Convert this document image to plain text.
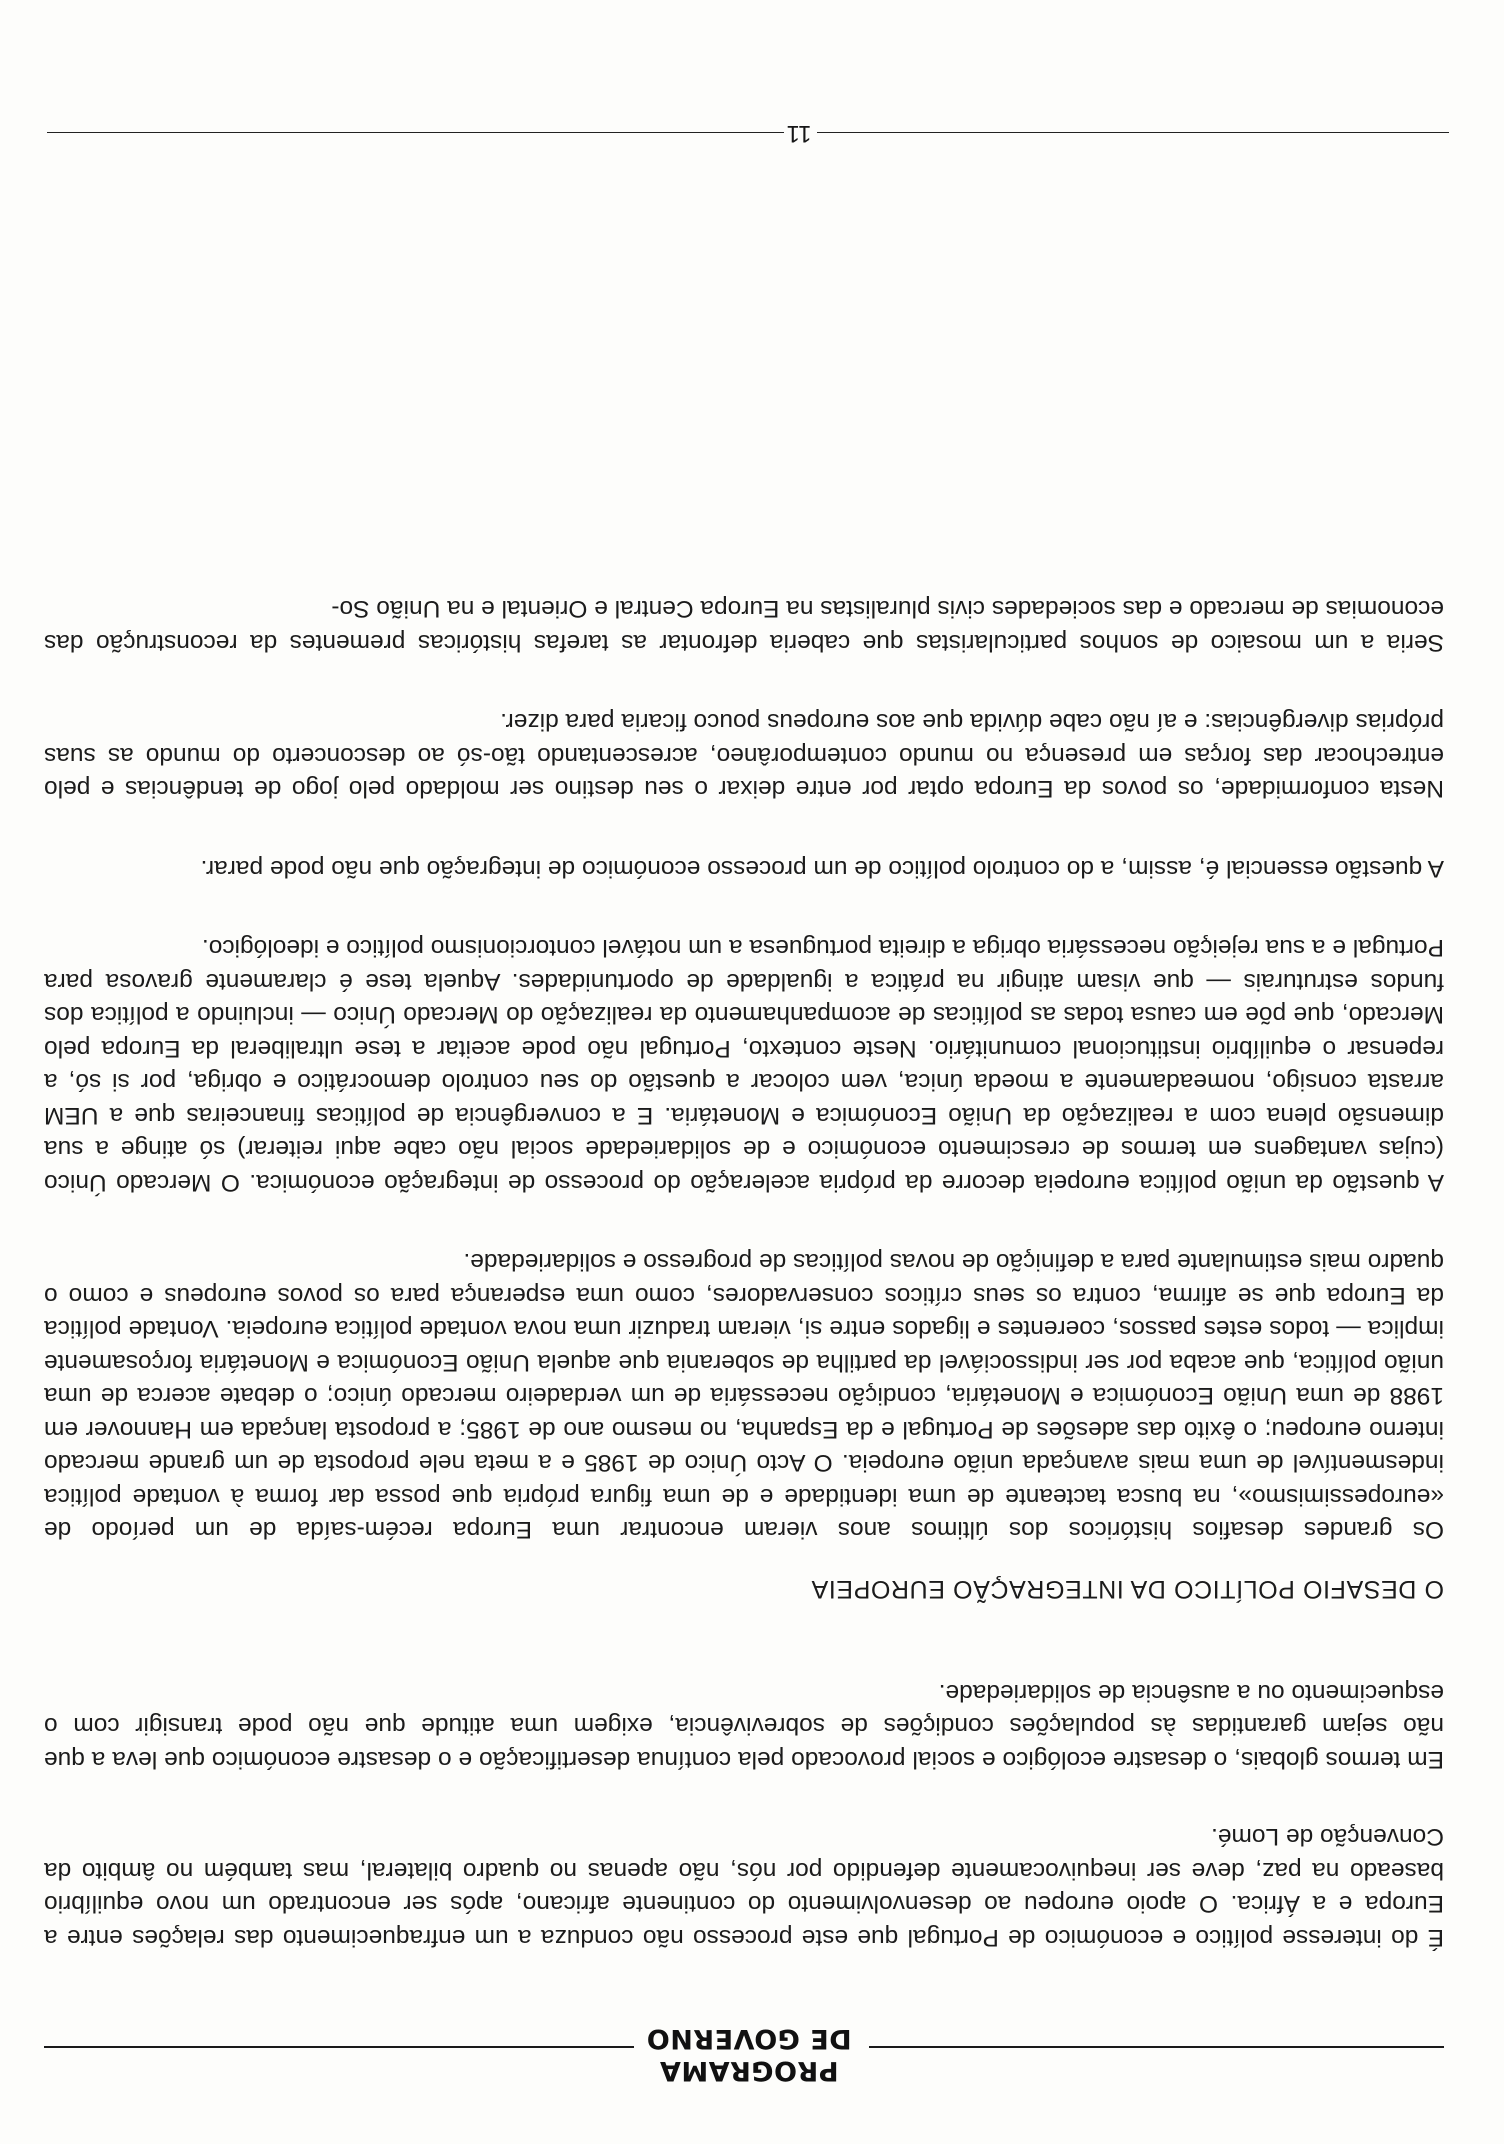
PROGRAMA
DE GOVERNO

É do interesse político e económico de Portugal que este processo não conduza a um enfraquecimento das relações entre a Europa e a África. O apoio europeu ao desenvolvimento do continente africano, após ser encontrado um novo equilíbrio baseado na paz, deve ser inequivocamente defendido por nós, não apenas no quadro bilateral, mas também no âmbito da Convenção de Lomé.

Em termos globais, o desastre ecológico e social provocado pela contínua desertificação e o desastre económico que leva a que não sejam garantidas às populações condições de sobrevivência, exigem uma atitude que não pode transigir com o esquecimento ou a ausência de solidariedade.

O DESAFIO POLÍTICO DA INTEGRAÇÃO EUROPEIA

Os grandes desafios históricos dos últimos anos vieram encontrar uma Europa recém-saída de um período de «europessimismo», na busca tacteante de uma identidade e de uma figura própria que possa dar forma à vontade política indesmentível de uma mais avançada união europeia. O Acto Único de 1985 e a meta nele proposta de um grande mercado interno europeu; o êxito das adesões de Portugal e da Espanha, no mesmo ano de 1985; a proposta lançada em Hannover em 1988 de uma União Económica e Monetária, condição necessária de um verdadeiro mercado único; o debate acerca de uma união política, que acaba por ser indissociável da partilha de soberania que aquela União Económica e Monetária forçosamente implica — todos estes passos, coerentes e ligados entre si, vieram traduzir uma nova vontade política europeia. Vontade política da Europa que se afirma, contra os seus críticos conservadores, como uma esperança para os povos europeus e como o quadro mais estimulante para a definição de novas políticas de progresso e solidariedade.

A questão da união política europeia decorre da própria aceleração do processo de integração económica. O Mercado Único (cujas vantagens em termos de crescimento económico e de solidariedade social não cabe aqui reiterar) só atinge a sua dimensão plena com a realização da União Económica e Monetária. E a convergência de políticas financeiras que a UEM arrasta consigo, nomeadamente a moeda única, vem colocar a questão do seu controlo democrático e obriga, por si só, a repensar o equilíbrio institucional comunitário. Neste contexto, Portugal não pode aceitar a tese ultraliberal da Europa pelo Mercado, que põe em causa todas as políticas de acompanhamento da realização do Mercado Único — incluindo a política dos fundos estruturais — que visam atingir na prática a igualdade de oportunidades. Aquela tese é claramente gravosa para Portugal e a sua rejeição necessária obriga a direita portuguesa a um notável contorcionismo político e ideológico.

A questão essencial é, assim, a do controlo político de um processo económico de integração que não pode parar.

Nesta conformidade, os povos da Europa optar por entre deixar o seu destino ser moldado pelo jogo de tendências e pelo entrechocar das forças em presença no mundo contemporâneo, acrescentando tão-só ao desconcerto do mundo as suas próprias divergências: e aí não cabe dúvida que aos europeus pouco ficaria para dizer.

Seria a um mosaico de sonhos particularistas que caberia defrontar as tarefas históricas prementes da reconstrução das economias de mercado e das sociedades civis pluralistas na Europa Central e Oriental e na União So-

11
